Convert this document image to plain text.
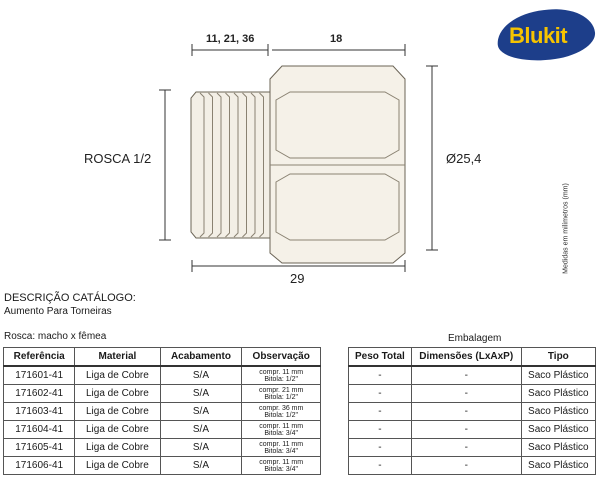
11, 21, 36	18
ROSCA 1/2	Ø25,4
29
Blukit
Medidas em milímetros (mm)
DESCRIÇÃO CATÁLOGO:
Aumento Para Torneiras
Rosca: macho x fêmea	Embalagem
Referência	Material	Acabamento	Observação
171601-41	Liga de Cobre	S/A	compr. 11 mm
Bitola: 1/2"

171602-41	Liga de Cobre	S/A	compr. 21 mm
Bitola: 1/2"

171603-41	Liga de Cobre	S/A	compr. 36 mm
Bitola: 1/2"

171604-41	Liga de Cobre	S/A	compr. 11 mm
Bitola: 3/4"

171605-41	Liga de Cobre	S/A	compr. 11 mm
Bitola: 3/4"

171606-41	Liga de Cobre	S/A	compr. 11 mm
Bitola: 3/4"
Peso Total	Dimensões (LxAxP)	Tipo
-	-	Saco Plástico
-	-	Saco Plástico
-	-	Saco Plástico
-	-	Saco Plástico
-	-	Saco Plástico
-	-	Saco Plástico
